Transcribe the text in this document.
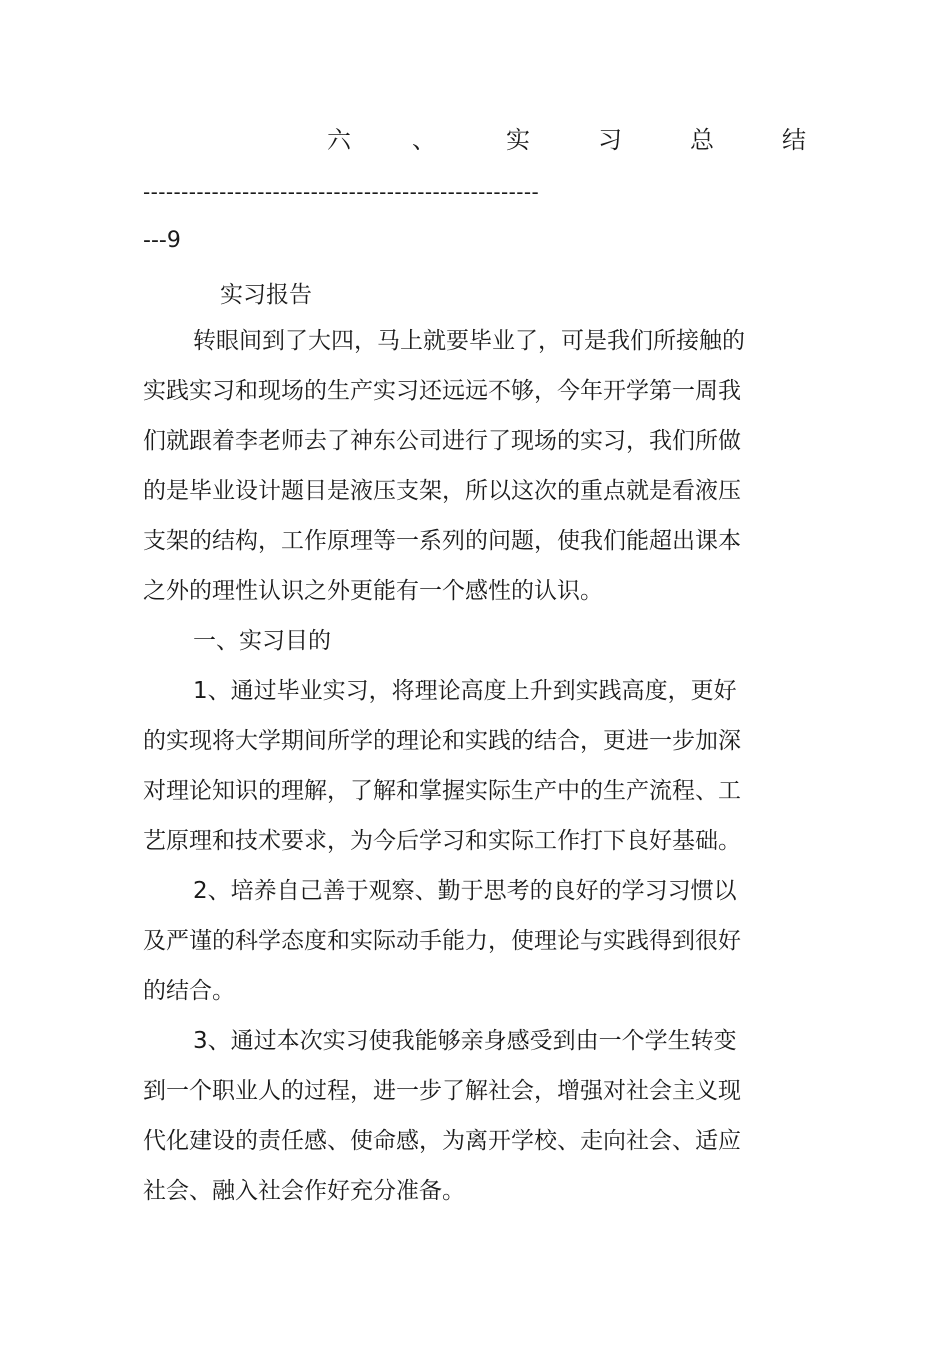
六	、	实	习	总	结
----------------------------------------------------
---9
实习报告
转眼间到了大四，马上就要毕业了，可是我们所接触的
实践实习和现场的生产实习还远远不够，今年开学第一周我
们就跟着李老师去了神东公司进行了现场的实习，我们所做
的是毕业设计题目是液压支架，所以这次的重点就是看液压
支架的结构，工作原理等一系列的问题，使我们能超出课本
之外的理性认识之外更能有一个感性的认识。
一、实习目的
1、通过毕业实习，将理论高度上升到实践高度，更好
的实现将大学期间所学的理论和实践的结合，更进一步加深
对理论知识的理解，了解和掌握实际生产中的生产流程、工
艺原理和技术要求，为今后学习和实际工作打下良好基础。
2、培养自己善于观察、勤于思考的良好的学习习惯以
及严谨的科学态度和实际动手能力，使理论与实践得到很好
的结合。
3、通过本次实习使我能够亲身感受到由一个学生转变
到一个职业人的过程，进一步了解社会，增强对社会主义现
代化建设的责任感、使命感，为离开学校、走向社会、适应
社会、融入社会作好充分准备。
